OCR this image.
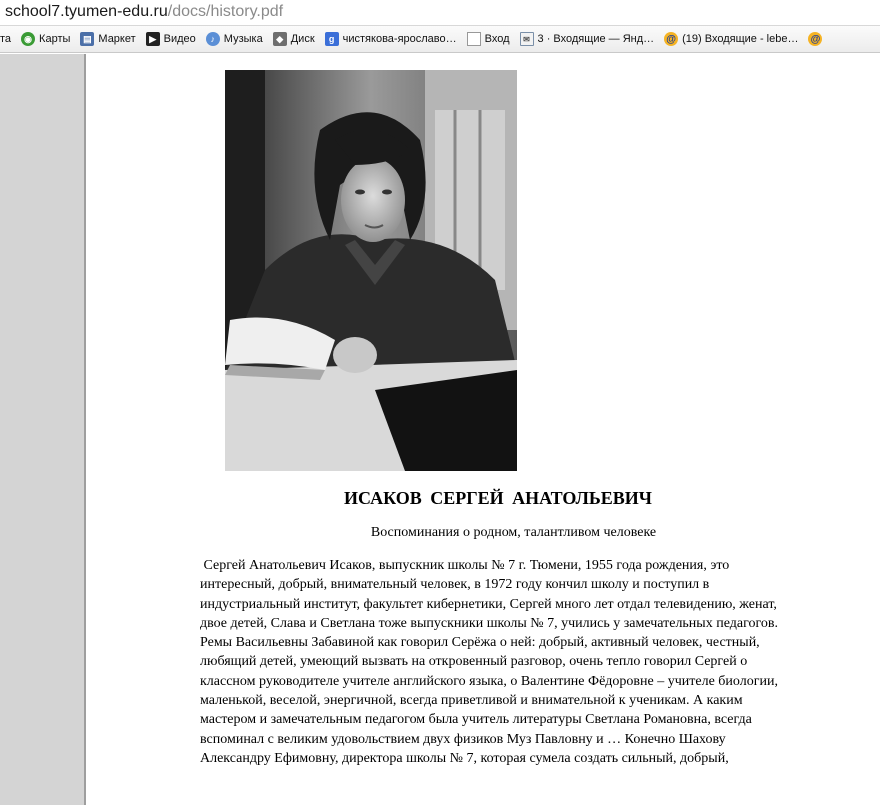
school7.tyumen-edu.ru/docs/history.pdf
та	◉ Карты	▤ Маркет	▶ Видео	♪ Музыка	◆ Диск	g чистякова-ярославо…	Вход	✉ 3 · Входящие — Янд… @ (19) Входящие - lebe… @
ИСАКОВ СЕРГЕЙ АНАТОЛЬЕВИЧ
Воспоминания о родном, талантливом человеке
Сергей Анатольевич Исаков, выпускник школы № 7 г. Тюмени, 1955 года рождения, это
интересный, добрый, внимательный человек, в 1972 году кончил школу и поступил в
индустриальный институт, факультет кибернетики, Сергей много лет отдал телевидению, женат,
двое детей, Слава и Светлана тоже выпускники школы № 7, учились у замечательных педагогов.
Ремы Васильевны Забавиной как говорил Серёжа о ней: добрый, активный человек, честный,
любящий детей, умеющий вызвать на откровенный разговор, очень тепло говорил Сергей о
классном руководителе учителе английского языка, о Валентине Фёдоровне – учителе биологии,
маленькой, веселой, энергичной, всегда приветливой и внимательной к ученикам. А каким
мастером и замечательным педагогом была учитель литературы Светлана Романовна, всегда
вспоминал с великим удовольствием двух физиков Муз Павловну и … Конечно Шахову
Александру Ефимовну, директора школы № 7, которая сумела создать сильный, добрый,
